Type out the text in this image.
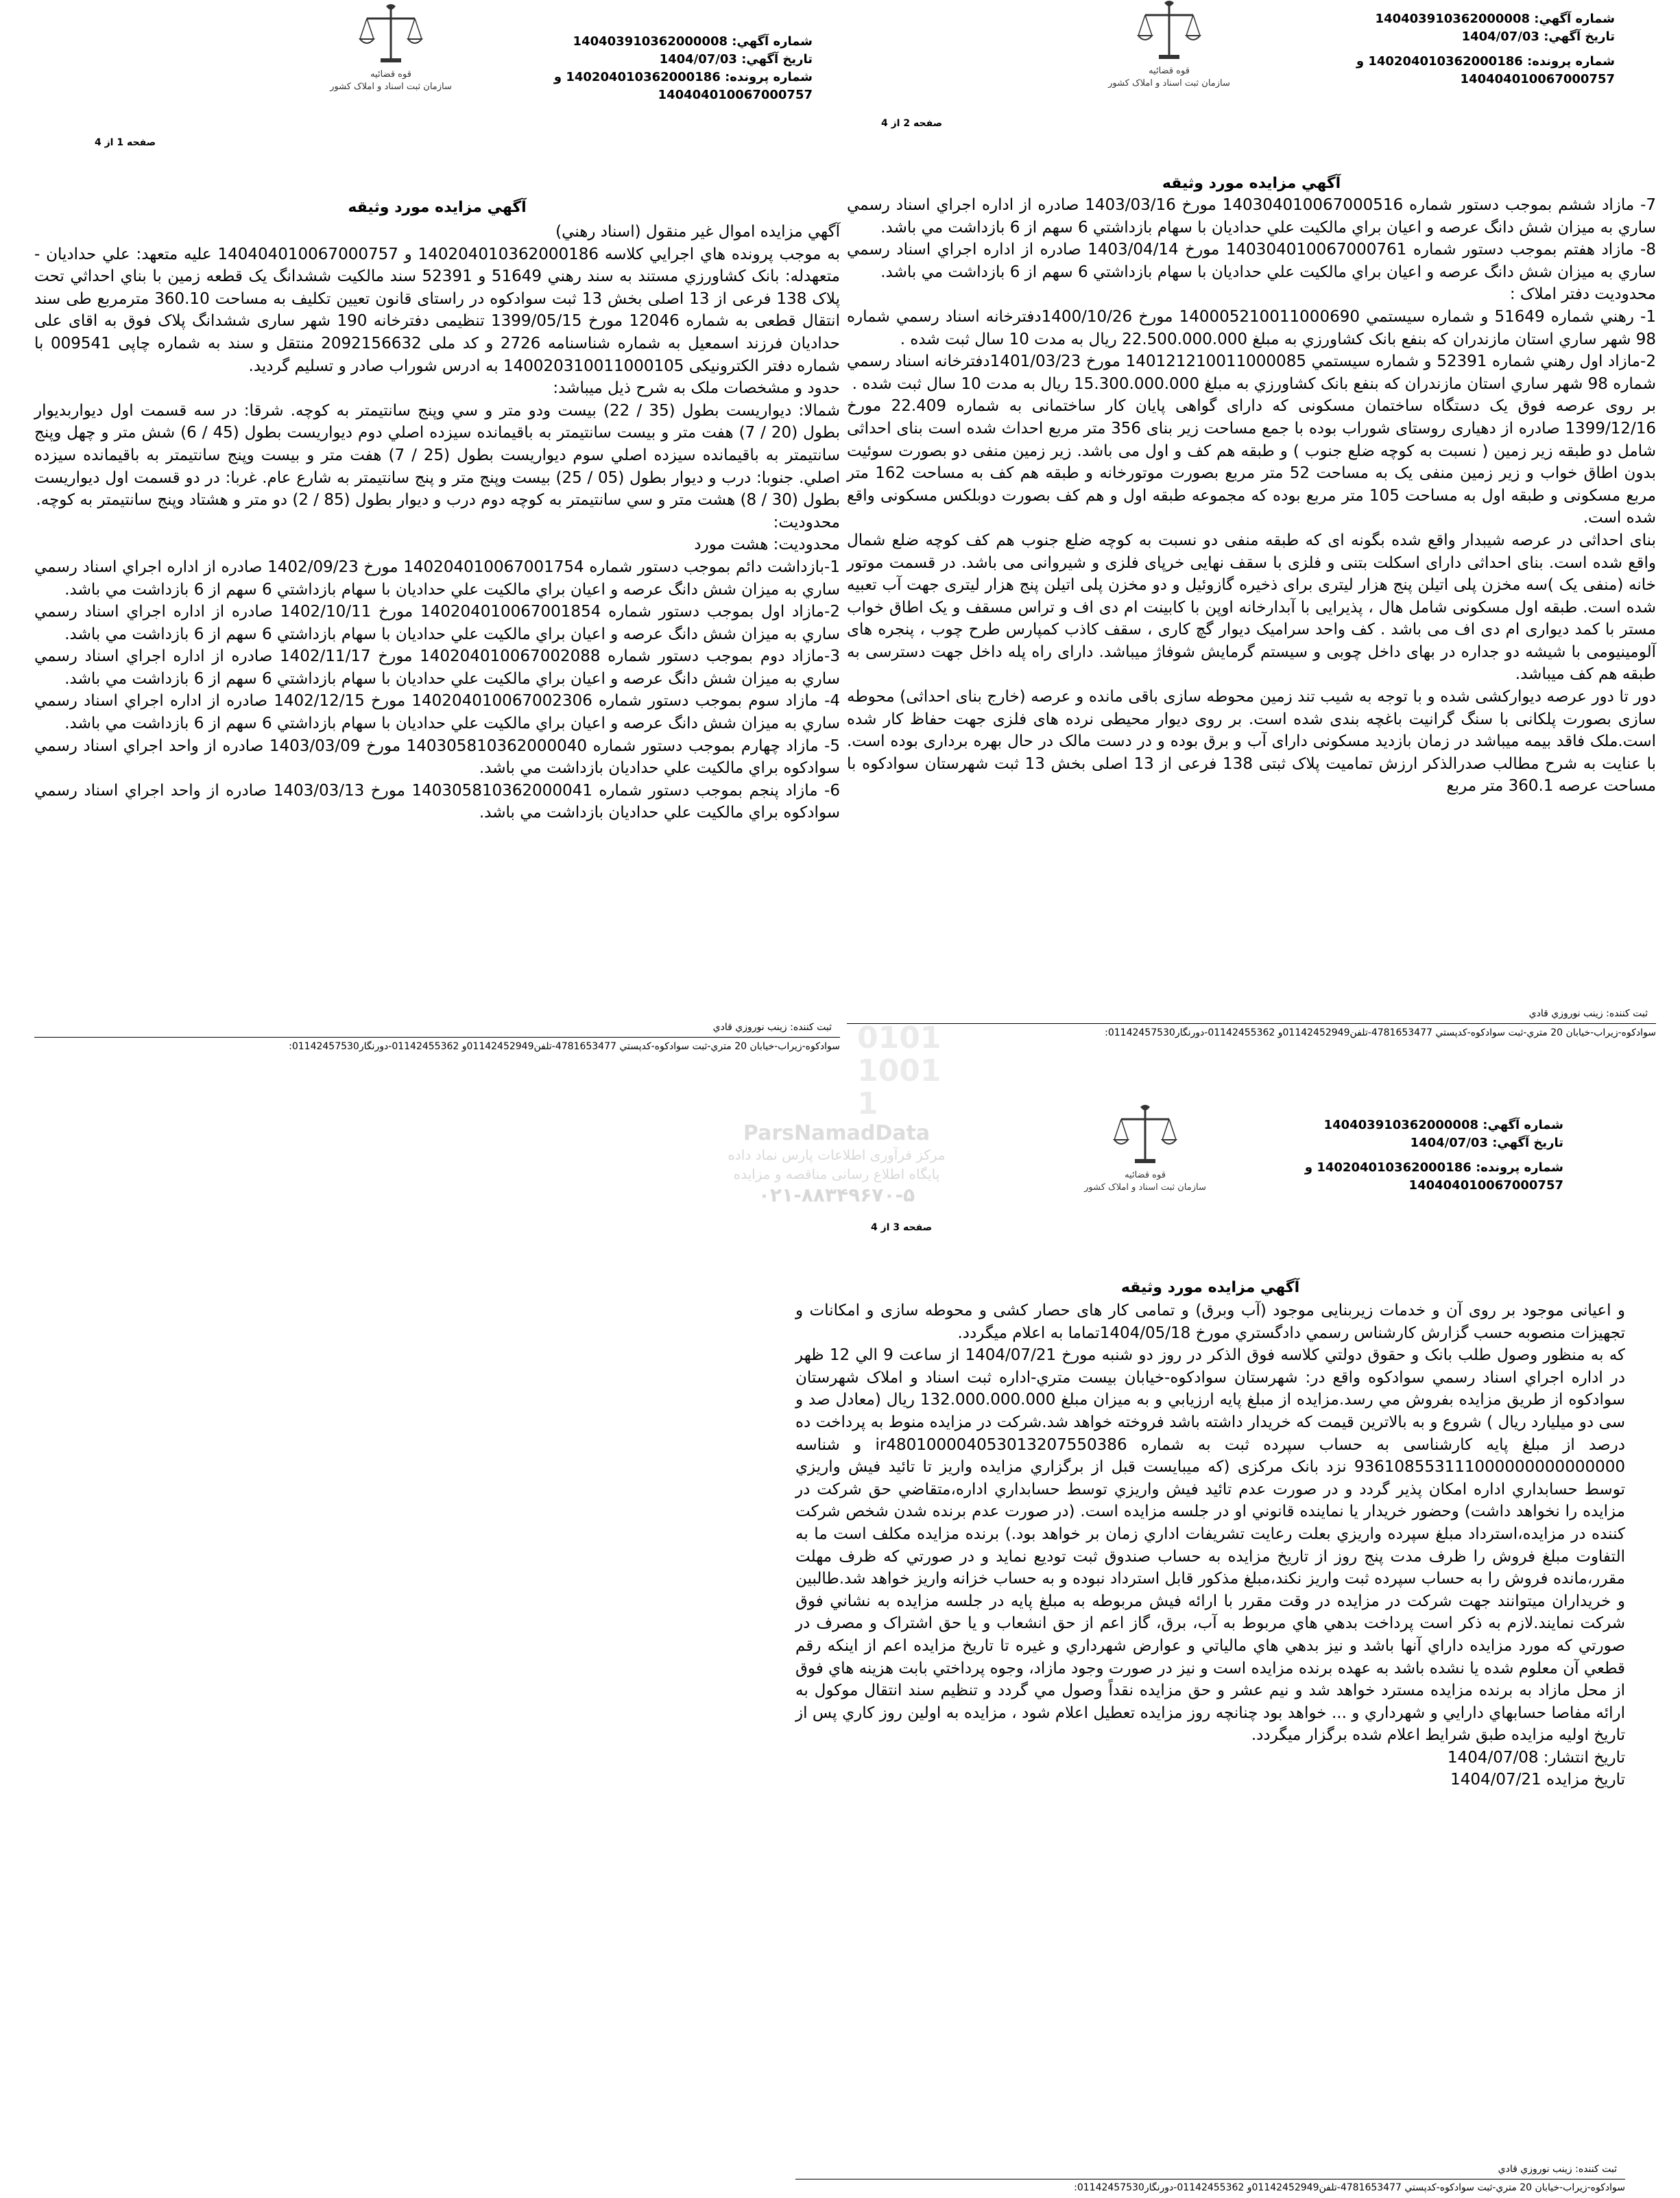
شماره آگهي: 140403910362000008
تاريخ آگهي: 1404/07/03
شماره پرونده: 140204010362000186 و
140404010067000757
قوه قضائيه
سازمان ثبت اسناد و املاک کشور
صفحه 1 از 4
آگهي مزايده مورد وثيقه

آگهي مزايده اموال غير منقول (اسناد رهني)

به موجب پرونده هاي اجرايي کلاسه 140204010362000186 و 140404010067000757 عليه متعهد: علي حدادیان - متعهدله: بانک کشاورزي مستند به سند رهني 51649 و 52391 سند مالکيت ششدانگ يک قطعه زمين با بناي احداثي تحت پلاک 138 فرعی از 13 اصلی بخش 13 ثبت سوادکوه در راستای قانون تعيين تکليف به مساحت 360.10 مترمربع طی سند انتقال قطعی به شماره 12046 مورخ 1399/05/15 تنظيمی دفترخانه 190 شهر ساری ششدانگ پلاک فوق به اقای علی حدادیان فرزند اسمعیل به شماره شناسنامه 2726 و کد ملی 2092156632 منتقل و سند به شماره چاپی 009541 با شماره دفتر الکترونيکی 140020310011000105 به ادرس شوراب صادر و تسليم گرديد.

حدود و مشخصات ملک به شرح ذيل ميباشد:

شمالا: ديواريست بطول (35 / 22) بيست ودو متر و سي وپنج سانتيمتر به کوچه. شرقا: در سه قسمت اول ديواربديوار بطول (20 / 7) هفت متر و بيست سانتيمتر به باقيمانده سيزده اصلي دوم ديواريست بطول (45 / 6) شش متر و چهل وپنج سانتيمتر به باقيمانده سيزده اصلي سوم ديواريست بطول (25 / 7) هفت متر و بيست وپنج سانتيمتر به باقيمانده سيزده اصلي. جنوبا: درب و ديوار بطول (05 / 25) بيست وپنج متر و پنج سانتيمتر به شارع عام. غربا: در دو قسمت اول ديواريست بطول (30 / 8) هشت متر و سي سانتيمتر به کوچه دوم درب و ديوار بطول (85 / 2) دو متر و هشتاد وپنج سانتيمتر به کوچه.

محدوديت:

محدوديت: هشت مورد

1-بازداشت دائم بموجب دستور شماره 140204010067001754 مورخ 1402/09/23 صادره از اداره اجراي اسناد رسمي ساري به ميزان شش دانگ عرصه و اعيان براي مالکيت علي حدادیان با سهام بازداشتي 6 سهم از 6 بازداشت مي باشد.

2-مازاد اول بموجب دستور شماره 140204010067001854 مورخ 1402/10/11 صادره از اداره اجراي اسناد رسمي ساري به ميزان شش دانگ عرصه و اعيان براي مالکيت علي حدادیان با سهام بازداشتي 6 سهم از 6 بازداشت مي باشد.

3-مازاد دوم بموجب دستور شماره 140204010067002088 مورخ 1402/11/17 صادره از اداره اجراي اسناد رسمي ساري به ميزان شش دانگ عرصه و اعيان براي مالکيت علي حدادیان با سهام بازداشتي 6 سهم از 6 بازداشت مي باشد.

4- مازاد سوم بموجب دستور شماره 140204010067002306 مورخ 1402/12/15 صادره از اداره اجراي اسناد رسمي ساري به ميزان شش دانگ عرصه و اعيان براي مالکيت علي حدادیان با سهام بازداشتي 6 سهم از 6 بازداشت مي باشد.

5- مازاد چهارم بموجب دستور شماره 140305810362000040 مورخ 1403/03/09 صادره از واحد اجراي اسناد رسمي سوادکوه براي مالکيت علي حدادیان بازداشت مي باشد.

6- مازاد پنجم بموجب دستور شماره 140305810362000041 مورخ 1403/03/13 صادره از واحد اجراي اسناد رسمي سوادکوه براي مالکيت علي حدادیان بازداشت مي باشد.

ثبت کننده: زينب نوروزي قادي
سوادکوه-زيراب-خيابان 20 متري-ثبت سوادکوه-کدپستي 4781653477-تلفن01142452949و 01142455362-دورنگار01142457530:
شماره آگهي: 140403910362000008
تاريخ آگهي: 1404/07/03
شماره پرونده: 140204010362000186 و
140404010067000757
قوه قضائيه
سازمان ثبت اسناد و املاک کشور
صفحه 2 از 4
آگهي مزايده مورد وثيقه

7- مازاد ششم بموجب دستور شماره 140304010067000516 مورخ 1403/03/16 صادره از اداره اجراي اسناد رسمي ساري به ميزان شش دانگ عرصه و اعيان براي مالکيت علي حدادیان با سهام بازداشتي 6 سهم از 6 بازداشت مي باشد.

8- مازاد هفتم بموجب دستور شماره 140304010067000761 مورخ 1403/04/14 صادره از اداره اجراي اسناد رسمي ساري به ميزان شش دانگ عرصه و اعيان براي مالکيت علي حدادیان با سهام بازداشتي 6 سهم از 6 بازداشت مي باشد.

محدوديت دفتر املاک :

1- رهني شماره 51649 و شماره سيستمي 140005210011000690 مورخ 1400/10/26دفترخانه اسناد رسمي شماره 98 شهر ساري استان مازندران که بنفع بانک کشاورزي به مبلغ 22.500.000.000 ريال به مدت 10 سال ثبت شده .

2-مازاد اول رهني شماره 52391 و شماره سيستمي 140121210011000085 مورخ 1401/03/23دفترخانه اسناد رسمي شماره 98 شهر ساري استان مازندران که بنفع بانک کشاورزي به مبلغ 15.300.000.000 ريال به مدت 10 سال ثبت شده .

بر روی عرصه فوق يک دستگاه ساختمان مسکونی که دارای گواهی پايان کار ساختمانی به شماره 22.409 مورخ 1399/12/16 صادره از دهياری روستای شوراب بوده با جمع مساحت زير بنای 356 متر مربع احداث شده است بنای احداثی شامل دو طبقه زير زمين ( نسبت به کوچه ضلع جنوب ) و طبقه هم کف و اول می باشد. زير زمين منفی دو بصورت سوئيت بدون اطاق خواب و زير زمين منفی يک به مساحت 52 متر مربع بصورت موتورخانه و طبقه هم کف به مساحت 162 متر مربع مسکونی و طبقه اول به مساحت 105 متر مربع بوده که مجموعه طبقه اول و هم کف بصورت دوبلکس مسکونی واقع شده است.

بنای احداثی در عرصه شيبدار واقع شده بگونه ای که طبقه منفی دو نسبت به کوچه ضلع جنوب هم کف کوچه ضلع شمال واقع شده است. بنای احداثی دارای اسکلت بتنی و فلزی با سقف نهايی خرپای فلزی و شيروانی می باشد. در قسمت موتور خانه (منفی يک )سه مخزن پلی اتيلن پنج هزار ليتری برای ذخيره گازوئيل و دو مخزن پلی اتيلن پنج هزار ليتری جهت آب تعبيه شده است. طبقه اول مسکونی شامل هال ، پذيرايی با آبدارخانه اوپن با کابينت ام دی اف و تراس مسقف و يک اطاق خواب مستر با کمد ديواری ام دی اف می باشد . کف واحد سراميک ديوار گچ کاری ، سقف کاذب کمپارس طرح چوب ، پنجره های آلومينيومی با شيشه دو جداره در بهای داخل چوبی و سيستم گرمايش شوفاژ ميباشد. دارای راه پله داخل جهت دسترسی به طبقه هم کف ميباشد.

دور تا دور عرصه ديوارکشی شده و با توجه به شيب تند زمين محوطه سازی باقی مانده و عرصه (خارج بنای احداثی) محوطه سازی بصورت پلکانی با سنگ گرانيت باغچه بندی شده است. بر روی ديوار محيطی نرده های فلزی جهت حفاظ کار شده است.ملک فاقد بيمه ميباشد در زمان بازديد مسکونی دارای آب و برق بوده و در دست مالک در حال بهره برداری بوده است. با عنايت به شرح مطالب صدرالذکر ارزش تماميت پلاک ثبتی 138 فرعی از 13 اصلی بخش 13 ثبت شهرستان سوادکوه با مساحت عرصه 360.1 متر مربع

ثبت کننده: زينب نوروزي قادي
سوادکوه-زيراب-خيابان 20 متري-ثبت سوادکوه-کدپستي 4781653477-تلفن01142452949و 01142455362-دورنگار01142457530:
شماره آگهي: 140403910362000008
تاريخ آگهي: 1404/07/03
شماره پرونده: 140204010362000186 و
140404010067000757
قوه قضائيه
سازمان ثبت اسناد و املاک کشور
صفحه 3 از 4
آگهي مزايده مورد وثيقه

و اعيانی موجود بر روی آن و خدمات زيربنايی موجود (آب وبرق) و تمامی کار های حصار کشی و محوطه سازی و امکانات و تجهيزات منصوبه حسب گزارش کارشناس رسمي دادگستري مورخ 1404/05/18تماما به اعلام ميگردد.

که به منظور وصول طلب بانک و حقوق دولتي کلاسه فوق الذکر در روز دو شنبه مورخ 1404/07/21 از ساعت 9 الي 12 ظهر در اداره اجراي اسناد رسمي سوادکوه واقع در: شهرستان سوادکوه-خيابان بيست متري-اداره ثبت اسناد و املاک شهرستان سوادکوه از طريق مزايده بفروش مي رسد.مزايده از مبلغ پايه ارزيابي و به ميزان مبلغ 132.000.000.000 ريال (معادل صد و سی دو ميليارد ريال ) شروع و به بالاترين قيمت که خريدار داشته باشد فروخته خواهد شد.شرکت در مزايده منوط به پرداخت ده درصد از مبلغ پايه کارشناسی به حساب سپرده ثبت به شماره ir480100004053013207550386 و شناسه 936108553111000000000000000 نزد بانک مرکزی (که ميبايست قبل از برگزاري مزايده واريز تا تائيد فيش واريزي توسط حسابداري اداره امکان پذير گردد و در صورت عدم تائيد فيش واريزي توسط حسابداري اداره،متقاضي حق شرکت در مزايده را نخواهد داشت) وحضور خريدار يا نماينده قانوني او در جلسه مزايده است. (در صورت عدم برنده شدن شخص شرکت کننده در مزايده،استرداد مبلغ سپرده واريزي بعلت رعايت تشريفات اداري زمان بر خواهد بود.) برنده مزايده مکلف است ما به التفاوت مبلغ فروش را ظرف مدت پنج روز از تاريخ مزايده به حساب صندوق ثبت توديع نمايد و در صورتي که ظرف مهلت مقرر،مانده فروش را به حساب سپرده ثبت واريز نکند،مبلغ مذکور قابل استرداد نبوده و به حساب خزانه واريز خواهد شد.طالبين و خريداران ميتوانند جهت شرکت در مزايده در وقت مقرر با ارائه فيش مربوطه به مبلغ پايه در جلسه مزايده به نشاني فوق شرکت نمايند.لازم به ذکر است پرداخت بدهي هاي مربوط به آب، برق، گاز اعم از حق انشعاب و يا حق اشتراک و مصرف در صورتي که مورد مزايده داراي آنها باشد و نيز بدهي هاي مالياتي و عوارض شهرداري و غيره تا تاريخ مزايده اعم از اينکه رقم قطعي آن معلوم شده يا نشده باشد به عهده برنده مزايده است و نيز در صورت وجود مازاد، وجوه پرداختي بابت هزينه هاي فوق از محل مازاد به برنده مزايده مسترد خواهد شد و نيم عشر و حق مزايده نقداً وصول مي گردد و تنظيم سند انتقال موکول به ارائه مفاصا حسابهاي دارايي و شهرداري و ... خواهد بود چنانچه روز مزايده تعطيل اعلام شود ، مزايده به اولين روز کاري پس از تاريخ اوليه مزايده طبق شرايط اعلام شده برگزار ميگردد.

تاريخ انتشار: 1404/07/08

تاريخ مزايده 1404/07/21

ثبت کننده: زينب نوروزي قادي
سوادکوه-زيراب-خيابان 20 متري-ثبت سوادکوه-کدپستي 4781653477-تلفن01142452949و 01142455362-دورنگار01142457530:
0101
1001
1
ParsNamadData
مرکز فرآوری اطلاعات پارس نماد داده
پایگاه اطلاع رسانی مناقصه و مزایده
۰۲۱-۸۸۳۴۹۶۷۰-۵
